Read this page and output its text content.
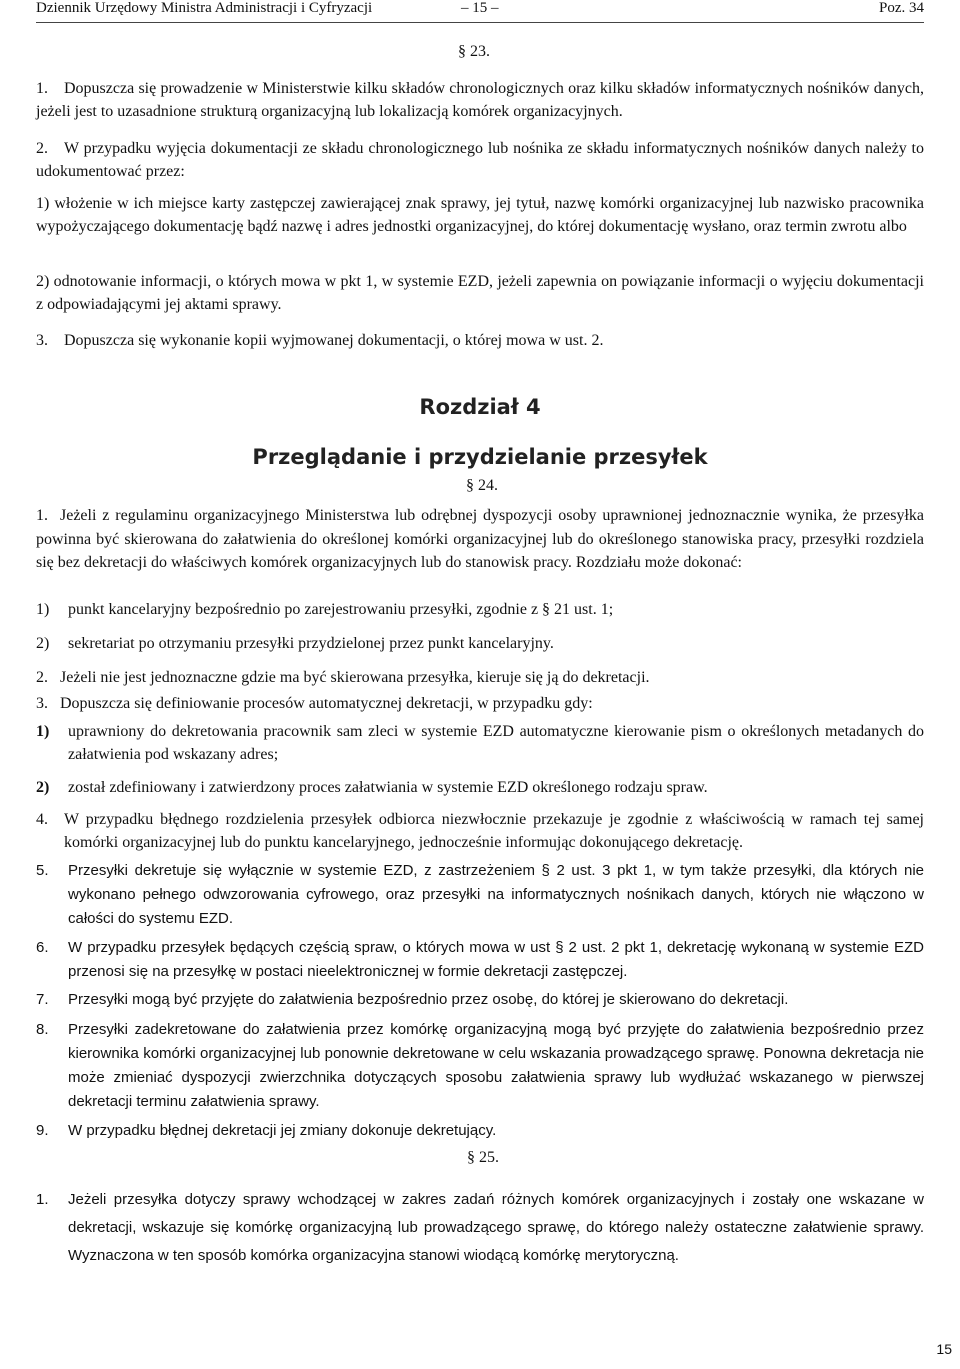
Dziennik Urzędowy Ministra Administracji i Cyfryzacji	– 15 –	Poz. 34
§ 23.
1.	Dopuszcza się prowadzenie w Ministerstwie kilku składów chronologicznych oraz kilku składów informatycznych nośników danych, jeżeli jest to uzasadnione strukturą organizacyjną lub lokalizacją komórek organizacyjnych.
2.	W przypadku wyjęcia dokumentacji ze składu chronologicznego lub nośnika ze składu informatycznych nośników danych należy to udokumentować przez:
1) włożenie w ich miejsce karty zastępczej zawierającej znak sprawy, jej tytuł, nazwę komórki organizacyjnej lub nazwisko pracownika wypożyczającego dokumentację bądź nazwę i adres jednostki organizacyjnej, do której dokumentację wysłano, oraz termin zwrotu albo
2) odnotowanie informacji, o których mowa w pkt 1, w systemie EZD, jeżeli zapewnia on powiązanie informacji o wyjęciu dokumentacji z odpowiadającymi jej aktami sprawy.
3.	Dopuszcza się wykonanie kopii wyjmowanej dokumentacji, o której mowa w ust. 2.
Rozdział 4
Przeglądanie i przydzielanie przesyłek
§ 24.
1. Jeżeli z regulaminu organizacyjnego Ministerstwa lub odrębnej dyspozycji osoby uprawnionej jednoznacznie wynika, że przesyłka powinna być skierowana do załatwienia do określonej komórki organizacyjnej lub do określonego stanowiska pracy, przesyłki rozdziela się bez dekretacji do właściwych komórek organizacyjnych lub do stanowisk pracy. Rozdziału może dokonać:
1) punkt kancelaryjny bezpośrednio po zarejestrowaniu przesyłki, zgodnie z § 21 ust. 1;
2) sekretariat po otrzymaniu przesyłki przydzielonej przez punkt kancelaryjny.
2. Jeżeli nie jest jednoznaczne gdzie ma być skierowana przesyłka, kieruje się ją do dekretacji.
3. Dopuszcza się definiowanie procesów automatycznej dekretacji, w przypadku gdy:
1) uprawniony do dekretowania pracownik sam zleci w systemie EZD automatyczne kierowanie pism o określonych metadanych do załatwienia pod wskazany adres;
2) został zdefiniowany i zatwierdzony proces załatwiania w systemie EZD określonego rodzaju spraw.
4.	W przypadku błędnego rozdzielenia przesyłek odbiorca niezwłocznie przekazuje je zgodnie z właściwością w ramach tej samej komórki organizacyjnej lub do punktu kancelaryjnego, jednocześnie informując dokonującego dekretację.
5.	Przesyłki dekretuje się wyłącznie w systemie EZD, z zastrzeżeniem § 2 ust. 3 pkt 1, w tym także przesyłki, dla których nie wykonano pełnego odwzorowania cyfrowego, oraz przesyłki na informatycznych nośnikach danych, których nie włączono w całości do systemu EZD.
6.	W przypadku przesyłek będących częścią spraw, o których mowa w ust § 2 ust. 2 pkt 1, dekretację wykonaną w systemie EZD przenosi się na przesyłkę w postaci nieelektronicznej w formie dekretacji zastępczej.
7.	Przesyłki mogą być przyjęte do załatwienia bezpośrednio przez osobę, do której je skierowano do dekretacji.
8.	Przesyłki zadekretowane do załatwienia przez komórkę organizacyjną mogą być przyjęte do załatwienia bezpośrednio przez kierownika komórki organizacyjnej lub ponownie dekretowane w celu wskazania prowadzącego sprawę. Ponowna dekretacja nie może zmieniać dyspozycji zwierzchnika dotyczących sposobu załatwienia sprawy lub wydłużać wskazanego w pierwszej dekretacji terminu załatwienia sprawy.
9.	W przypadku błędnej dekretacji jej zmiany dokonuje dekretujący.
§ 25.
1.	Jeżeli przesyłka dotyczy sprawy wchodzącej w zakres zadań różnych komórek organizacyjnych i zostały one wskazane w dekretacji, wskazuje się komórkę organizacyjną lub prowadzącego sprawę, do którego należy ostateczne załatwienie sprawy. Wyznaczona w ten sposób komórka organizacyjna stanowi wiodącą komórkę merytoryczną.
15
